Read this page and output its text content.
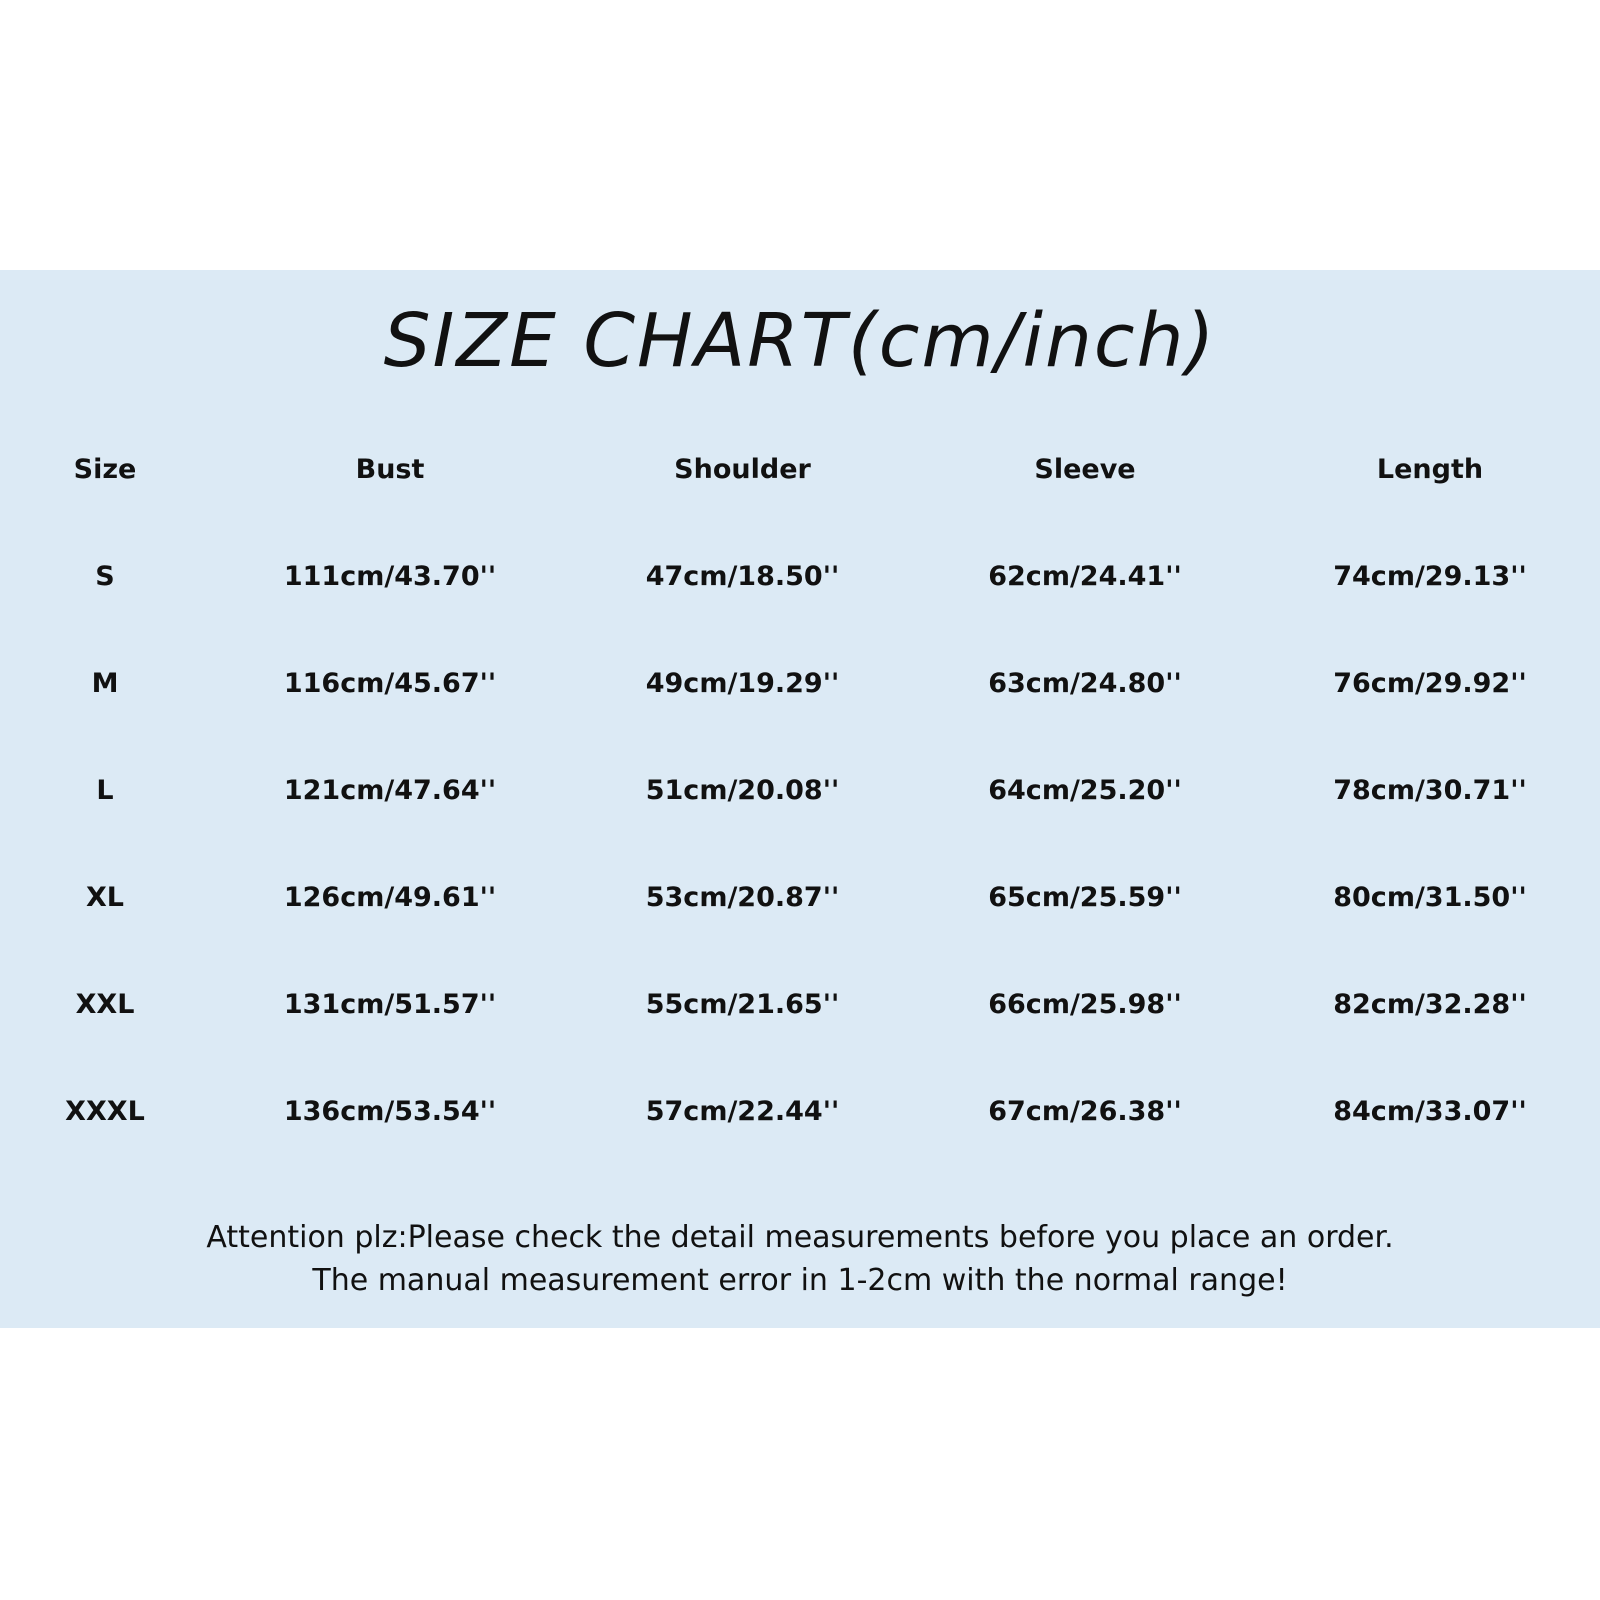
SIZE CHART(cm/inch)
Size	Bust	Shoulder	Sleeve	Length
S	111cm/43.70''	47cm/18.50''	62cm/24.41''	74cm/29.13''
M	116cm/45.67''	49cm/19.29''	63cm/24.80''	76cm/29.92''
L	121cm/47.64''	51cm/20.08''	64cm/25.20''	78cm/30.71''
XL	126cm/49.61''	53cm/20.87''	65cm/25.59''	80cm/31.50''
XXL	131cm/51.57''	55cm/21.65''	66cm/25.98''	82cm/32.28''
XXXL	136cm/53.54''	57cm/22.44''	67cm/26.38''	84cm/33.07''
Attention plz:Please check the detail measurements before you place an order.
The manual measurement error in 1-2cm with the normal range!
